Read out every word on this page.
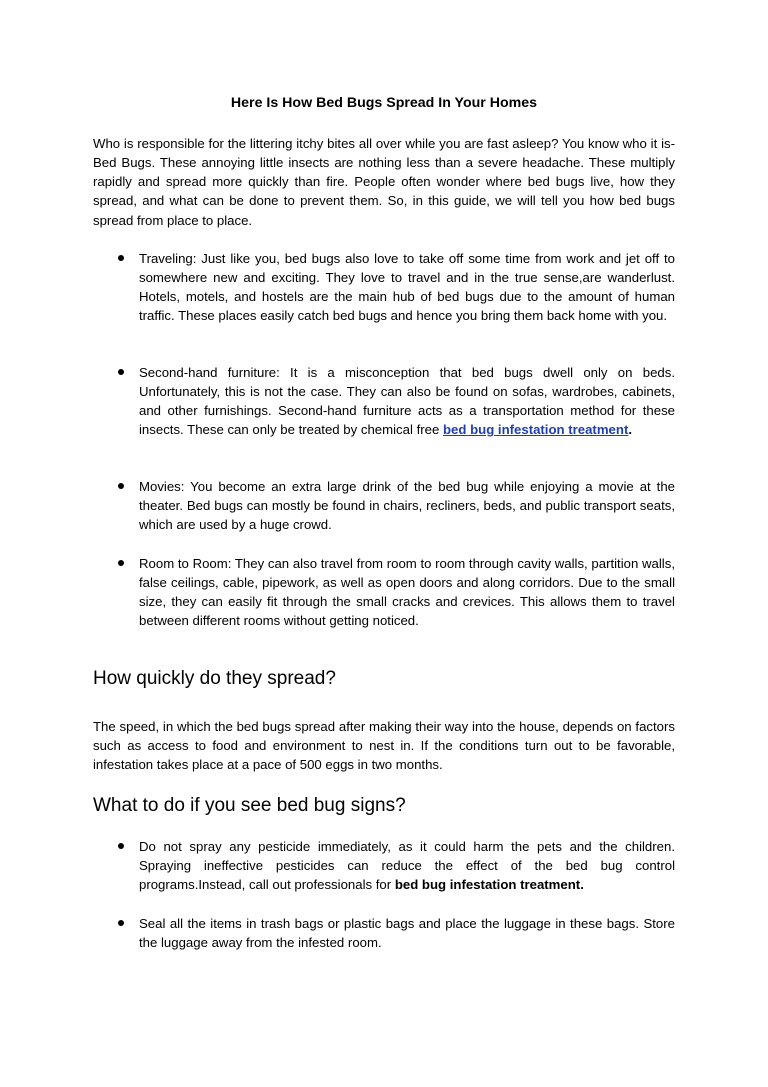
Here Is How Bed Bugs Spread In Your Homes

Who is responsible for the littering itchy bites all over while you are fast asleep? You know who it is- Bed Bugs. These annoying little insects are nothing less than a severe headache. These multiply rapidly and spread more quickly than fire. People often wonder where bed bugs live, how they spread, and what can be done to prevent them. So, in this guide, we will tell you how bed bugs spread from place to place.

Traveling: Just like you, bed bugs also love to take off some time from work and jet off to somewhere new and exciting. They love to travel and in the true sense,are wanderlust. Hotels, motels, and hostels are the main hub of bed bugs due to the amount of human traffic. These places easily catch bed bugs and hence you bring them back home with you.

Second-hand furniture: It is a misconception that bed bugs dwell only on beds. Unfortunately, this is not the case. They can also be found on sofas, wardrobes, cabinets, and other furnishings. Second-hand furniture acts as a transportation method for these insects. These can only be treated by chemical free bed bug infestation treatment.

Movies: You become an extra large drink of the bed bug while enjoying a movie at the theater. Bed bugs can mostly be found in chairs, recliners, beds, and public transport seats, which are used by a huge crowd.

Room to Room: They can also travel from room to room through cavity walls, partition walls, false ceilings, cable, pipework, as well as open doors and along corridors. Due to the small size, they can easily fit through the small cracks and crevices. This allows them to travel between different rooms without getting noticed.

How quickly do they spread?

The speed, in which the bed bugs spread after making their way into the house, depends on factors such as access to food and environment to nest in. If the conditions turn out to be favorable, infestation takes place at a pace of 500 eggs in two months.

What to do if you see bed bug signs?

Do not spray any pesticide immediately, as it could harm the pets and the children. Spraying ineffective pesticides can reduce the effect of the bed bug control programs.Instead, call out professionals for bed bug infestation treatment.

Seal all the items in trash bags or plastic bags and place the luggage in these bags. Store the luggage away from the infested room.
